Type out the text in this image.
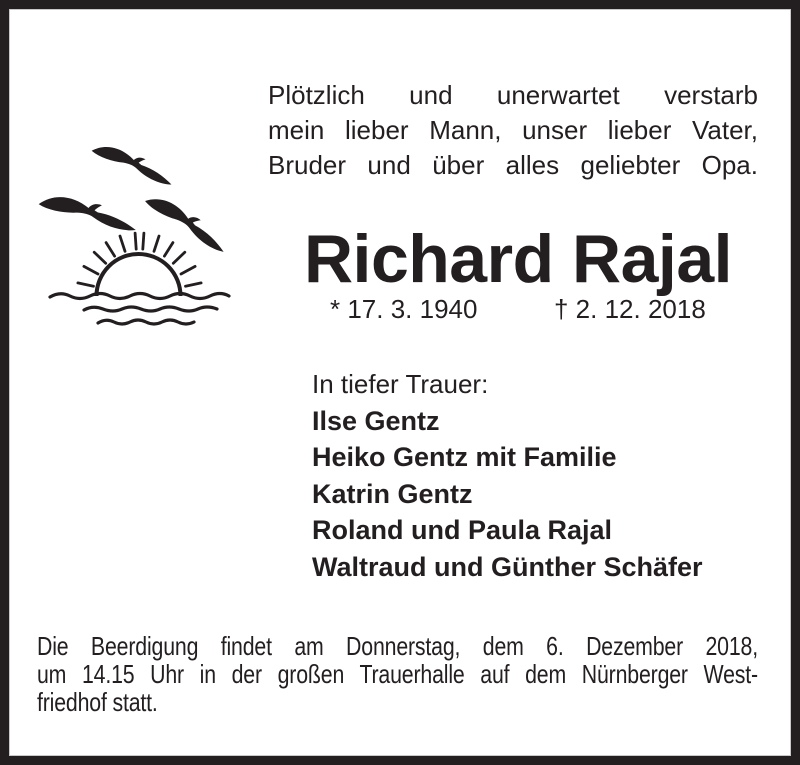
Plötzlich und unerwartet verstarb
mein lieber Mann, unser lieber Vater,
Bruder und über alles geliebter Opa.
Richard Rajal
* 17. 3. 1940	† 2. 12. 2018
In tiefer Trauer:
Ilse Gentz
Heiko Gentz mit Familie
Katrin Gentz
Roland und Paula Rajal
Waltraud und Günther Schäfer
Die Beerdigung findet am Donnerstag, dem 6. Dezember 2018,
um 14.15 Uhr in der großen Trauerhalle auf dem Nürnberger West-
friedhof statt.
